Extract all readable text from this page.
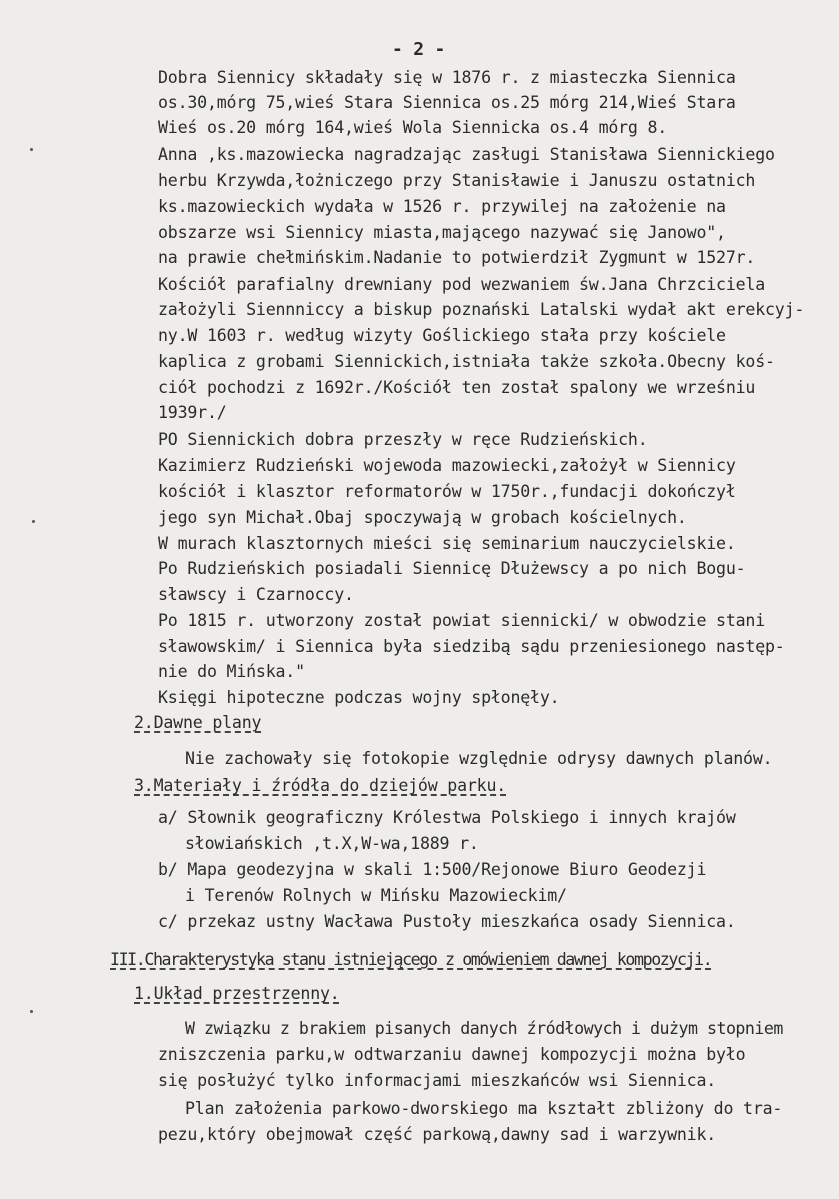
- 2 -
Dobra Siennicy składały się w 1876 r. z miasteczka Siennica
os.30,mórg 75,wieś Stara Siennica os.25 mórg 214,Wieś Stara
Wieś os.20 mórg 164,wieś Wola Siennicka os.4 mórg 8.
Anna ,ks.mazowiecka nagradzając zasługi Stanisława Siennickiego
herbu Krzywda,łożniczego przy Stanisławie i Januszu ostatnich
ks.mazowieckich wydała w 1526 r. przywilej na założenie na
obszarze wsi Siennicy miasta,mającego nazywać się Janowo",
na prawie chełmińskim.Nadanie to potwierdził Zygmunt w 1527r.
Kościół parafialny drewniany pod wezwaniem św.Jana Chrzciciela
założyli Siennniccy a biskup poznański Latalski wydał akt erekcyj-
ny.W 1603 r. według wizyty Goślickiego stała przy kościele
kaplica z grobami Siennickich,istniała także szkoła.Obecny koś-
ciół pochodzi z 1692r./Kościół ten został spalony we wrześniu
1939r./
PO Siennickich dobra przeszły w ręce Rudzieńskich.
Kazimierz Rudzieński wojewoda mazowiecki,założył w Siennicy
kościół i klasztor reformatorów w 1750r.,fundacji dokończył
jego syn Michał.Obaj spoczywają w grobach kościelnych.
W murach klasztornych mieści się seminarium nauczycielskie.
Po Rudzieńskich posiadali Siennicę Dłużewscy a po nich Bogu-
sławscy i Czarnoccy.
Po 1815 r. utworzony został powiat siennicki/ w obwodzie stani
sławowskim/ i Siennica była siedzibą sądu przeniesionego następ-
nie do Mińska."
Księgi hipoteczne podczas wojny spłonęły.
2.Dawne plany
Nie zachowały się fotokopie względnie odrysy dawnych planów.
3.Materiały i źródła do dziejów parku.
a/ Słownik geograficzny Królestwa Polskiego i innych krajów
słowiańskich ,t.X,W-wa,1889 r.
b/ Mapa geodezyjna w skali 1:500/Rejonowe Biuro Geodezji
i Terenów Rolnych w Mińsku Mazowieckim/
c/ przekaz ustny Wacława Pustoły mieszkańca osady Siennica.
III.Charakterystyka stanu istniejącego z omówieniem dawnej kompozycji.
1.Układ przestrzenny.
W związku z brakiem pisanych danych źródłowych i dużym stopniem
zniszczenia parku,w odtwarzaniu dawnej kompozycji można było
się posłużyć tylko informacjami mieszkańców wsi Siennica.
Plan założenia parkowo-dworskiego ma kształt zbliżony do tra-
pezu,który obejmował część parkową,dawny sad i warzywnik.
